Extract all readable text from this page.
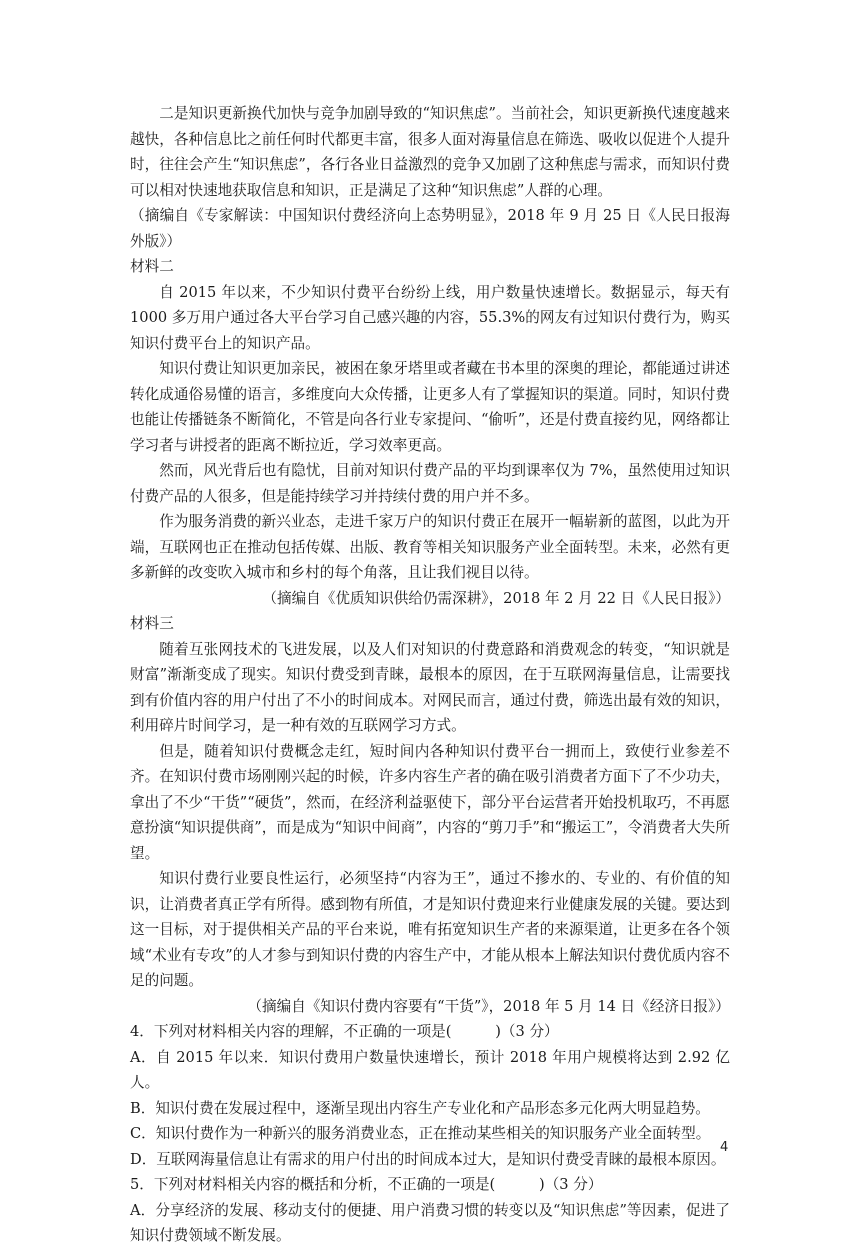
二是知识更新换代加快与竞争加剧导致的“知识焦虑”。当前社会，知识更新换代速度越来越快，各种信息比之前任何时代都更丰富，很多人面对海量信息在筛选、吸收以促进个人提升时，往往会产生“知识焦虑”，各行各业日益激烈的竞争又加剧了这种焦虑与需求，而知识付费可以相对快速地获取信息和知识，正是满足了这种“知识焦虑”人群的心理。

（摘编自《专家解读：中国知识付费经济向上态势明显》，2018 年 9 月 25 日《人民日报海外版》）

材料二

自 2015 年以来，不少知识付费平台纷纷上线，用户数量快速增长。数据显示，每天有 1000 多万用户通过各大平台学习自己感兴趣的内容，55.3%的网友有过知识付费行为，购买知识付费平台上的知识产品。

知识付费让知识更加亲民，被困在象牙塔里或者藏在书本里的深奥的理论，都能通过讲述转化成通俗易懂的语言，多维度向大众传播，让更多人有了掌握知识的渠道。同时，知识付费也能让传播链条不断简化，不管是向各行业专家提问、“偷听”，还是付费直接约见，网络都让学习者与讲授者的距离不断拉近，学习效率更高。

然而，风光背后也有隐忧，目前对知识付费产品的平均到课率仅为 7%，虽然使用过知识付费产品的人很多，但是能持续学习并持续付费的用户并不多。

作为服务消费的新兴业态，走进千家万户的知识付费正在展开一幅崭新的蓝图，以此为开端，互联网也正在推动包括传媒、出版、教育等相关知识服务产业全面转型。未来，必然有更多新鲜的改变吹入城市和乡村的每个角落，且让我们视目以待。

（摘编自《优质知识供给仍需深耕》，2018 年 2 月 22 日《人民日报》）

材料三

随着互张网技术的飞进发展，以及人们对知识的付费意路和消费观念的转变，“知识就是财富”渐渐变成了现实。知识付费受到青睐，最根本的原因，在于互联网海量信息，让需要找到有价值内容的用户付出了不小的时间成本。对网民而言，通过付费，筛选出最有效的知识，利用碎片时间学习，是一种有效的互联网学习方式。

但是，随着知识付费概念走红，短时间内各种知识付费平台一拥而上，致使行业参差不齐。在知识付费市场刚刚兴起的时候，许多内容生产者的确在吸引消费者方面下了不少功夫，拿出了不少“干货”“硬货”，然而，在经济利益驱使下，部分平台运营者开始投机取巧，不再愿意扮演“知识提供商”，而是成为“知识中间商”，内容的“剪刀手”和“搬运工”，令消费者大失所望。

知识付费行业要良性运行，必须坚持“内容为王”，通过不掺水的、专业的、有价值的知识，让消费者真正学有所得。感到物有所值，才是知识付费迎来行业健康发展的关键。要达到这一目标，对于提供相关产品的平台来说，唯有拓宽知识生产者的来源渠道，让更多在各个领域“术业有专攻”的人才参与到知识付费的内容生产中，才能从根本上解法知识付费优质内容不足的问题。

（摘编自《知识付费内容要有“干货”》，2018 年 5 月 14 日《经济日报》）

4．下列对材料相关内容的理解，不正确的一项是(　　　)（3 分）

A．自 2015 年以来．知识付费用户数量快速增长，预计 2018 年用户规模将达到 2.92 亿人。

B．知识付费在发展过程中，逐渐呈现出内容生产专业化和产品形态多元化两大明显趋势。

C．知识付费作为一种新兴的服务消费业态，正在推动某些相关的知识服务产业全面转型。

D．互联网海量信息让有需求的用户付出的时间成本过大，是知识付费受青睐的最根本原因。

5．下列对材料相关内容的概括和分析，不正确的一项是(　　　)（3 分）

A．分享经济的发展、移动支付的便捷、用户消费习惯的转变以及“知识焦虑”等因素，促进了知识付费领域不断发展。

4
